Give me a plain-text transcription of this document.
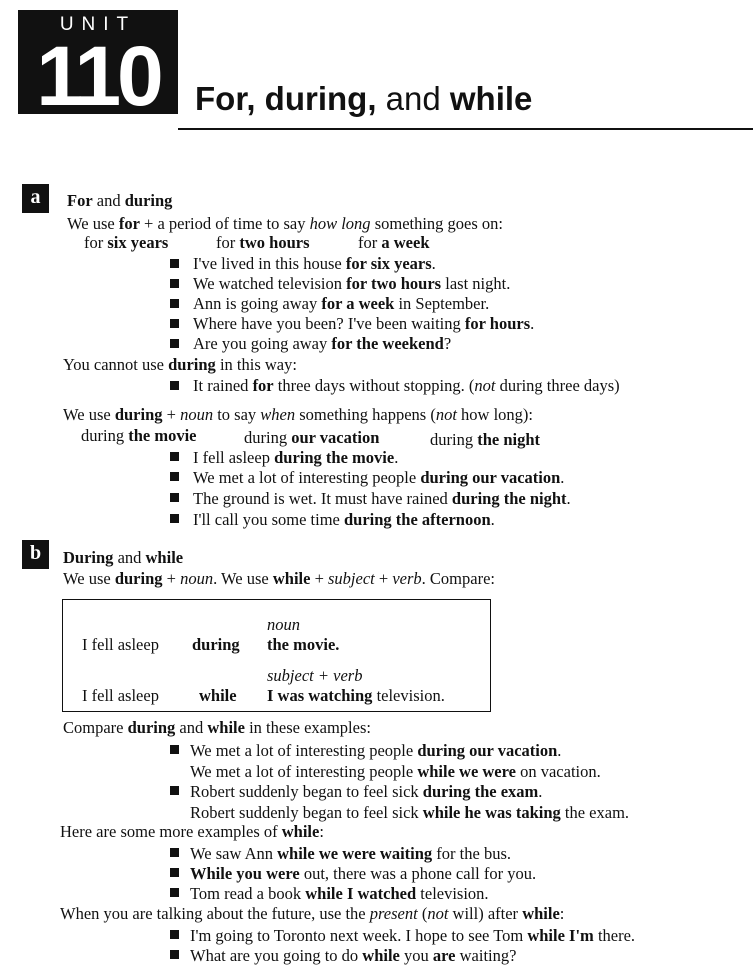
UNIT
110	For, during, and while
a	For and during
We use for + a period of time to say how long something goes on:
for six years	for two hours	for a week
I've lived in this house for six years.
We watched television for two hours last night.
Ann is going away for a week in September.
Where have you been? I've been waiting for hours.
Are you going away for the weekend?
You cannot use during in this way:
It rained for three days without stopping. (not during three days)
We use during + noun to say when something happens (not how long):
during the movie	during our vacation	during the night
I fell asleep during the movie.
We met a lot of interesting people during our vacation.
The ground is wet. It must have rained during the night.
I'll call you some time during the afternoon.
b	During and while
We use during + noun. We use while + subject + verb. Compare:
noun
I fell asleep during the movie.
subject + verb
I fell asleep while I was watching television.
Compare during and while in these examples:
We met a lot of interesting people during our vacation.
We met a lot of interesting people while we were on vacation.
Robert suddenly began to feel sick during the exam.
Robert suddenly began to feel sick while he was taking the exam.
Here are some more examples of while:
We saw Ann while we were waiting for the bus.
While you were out, there was a phone call for you.
Tom read a book while I watched television.
When you are talking about the future, use the present (not will) after while:
I'm going to Toronto next week. I hope to see Tom while I'm there.
What are you going to do while you are waiting?
